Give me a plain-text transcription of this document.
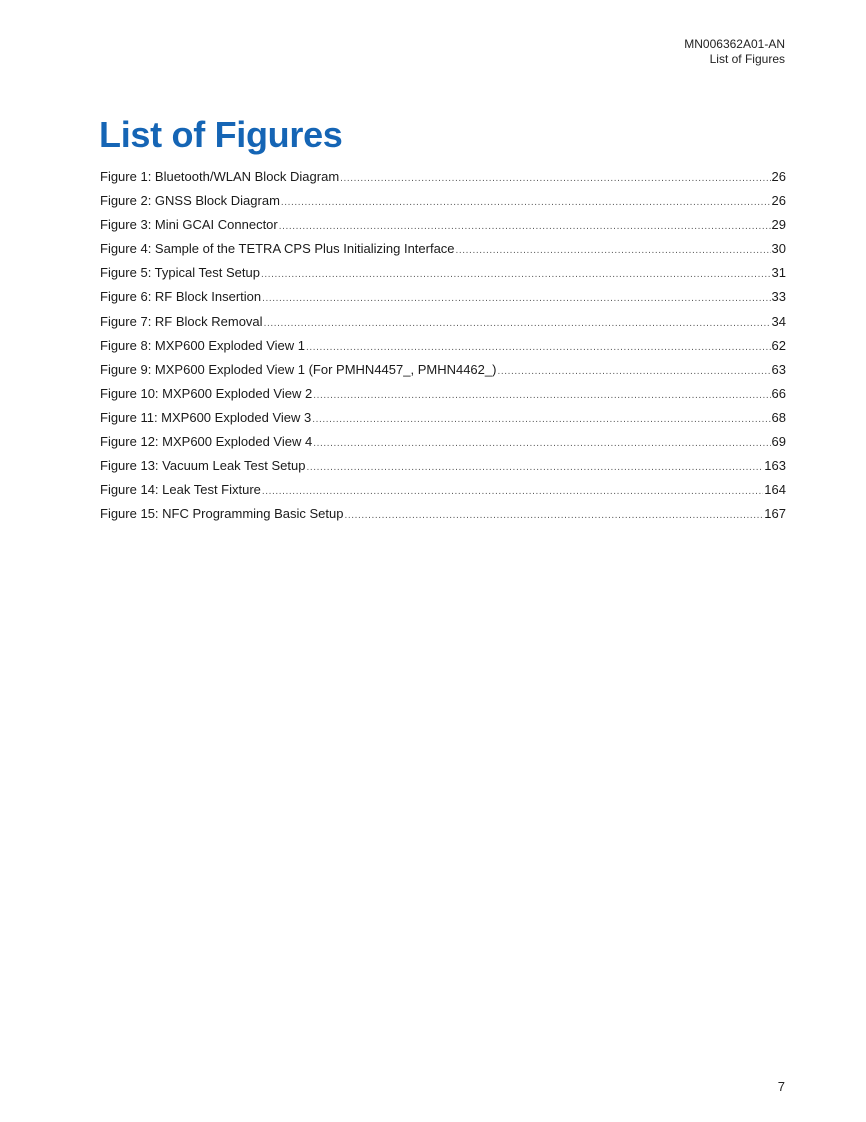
MN006362A01-AN
List of Figures
List of Figures
Figure 1: Bluetooth/WLAN Block Diagram .....	26
Figure 2: GNSS Block Diagram .....	26
Figure 3: Mini GCAI Connector .....	29
Figure 4: Sample of the TETRA CPS Plus Initializing Interface .....	30
Figure 5: Typical Test Setup .....	31
Figure 6: RF Block Insertion .....	33
Figure 7: RF Block Removal .....	34
Figure 8: MXP600 Exploded View 1 .....	62
Figure 9: MXP600 Exploded View 1 (For PMHN4457_, PMHN4462_) .....	63
Figure 10: MXP600 Exploded View 2 .....	66
Figure 11: MXP600 Exploded View 3 .....	68
Figure 12: MXP600 Exploded View 4 .....	69
Figure 13: Vacuum Leak Test Setup .....	163
Figure 14: Leak Test Fixture .....	164
Figure 15: NFC Programming Basic Setup .....	167
7
